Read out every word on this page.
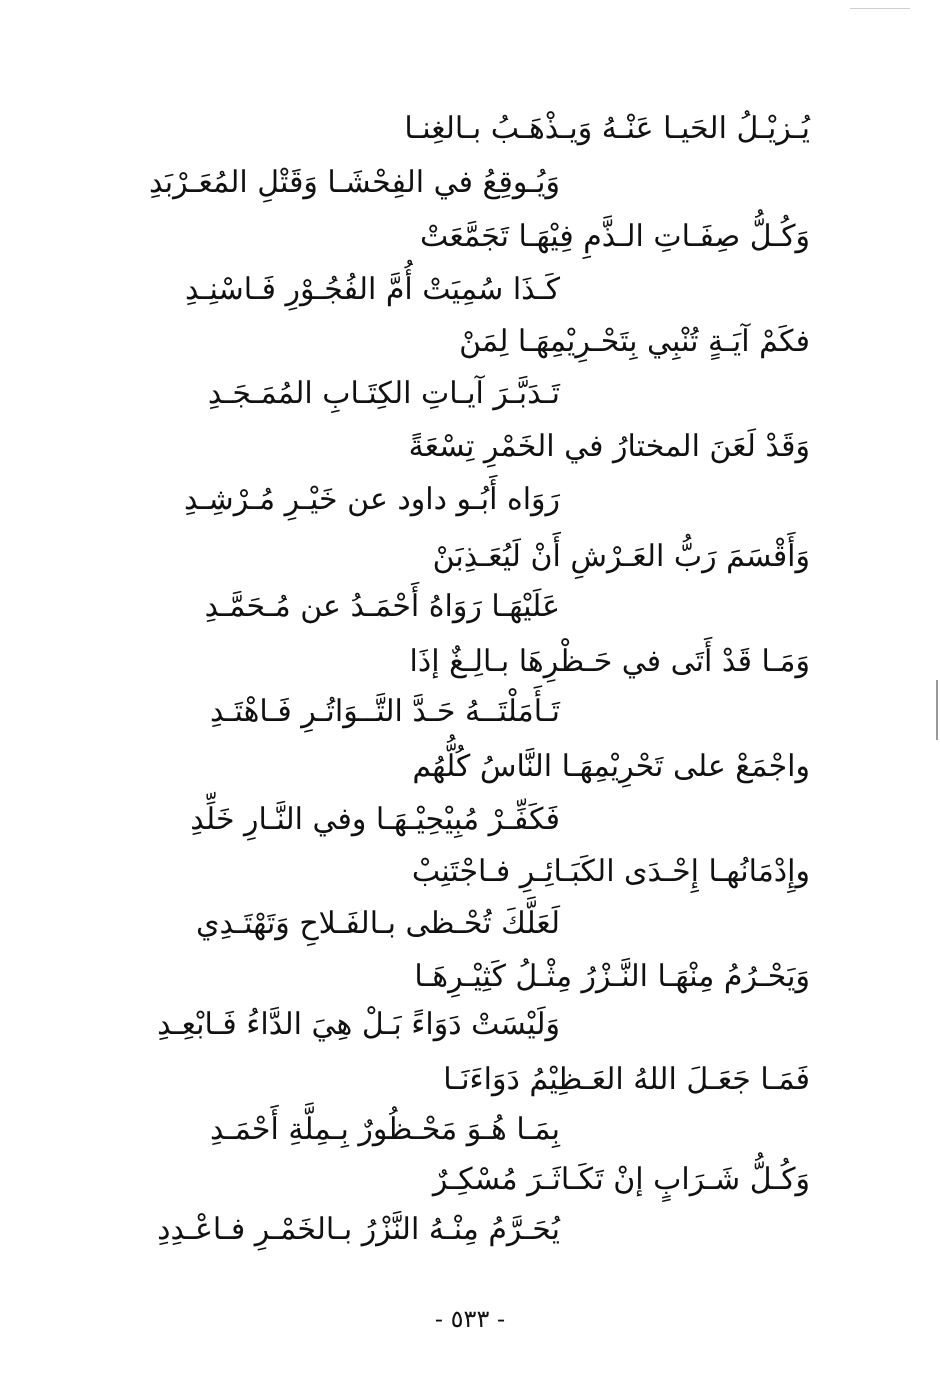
يُـزيْـلُ الحَيـا عَنْـهُ وَيـذْهَـبُ بـالغِنـا
وَيُـوقِعُ في الفِحْشَـا وَقَتْلِ المُعَـرْبَدِ
وَكُـلُّ صِفَـاتِ الـذَّمِ فِيْهَـا تَجَمَّعَتْ
كَـذَا سُمِيَتْ أُمَّ الفُجُـوْرِ فَـاسْنِـدِ
فكَمْ آيَـةٍ تُنْبِي بِتَحْـرِيْمِهَـا لِمَنْ
تَـدَبَّـرَ آيـاتِ الكِتَـابِ المُمَـجَـدِ
وَقَدْ لَعَنَ المختارُ في الخَمْرِ تِسْعَةً
رَوَاه أَبُـو داود عن خَيْـرِ مُـرْشِـدِ
وَأَقْسَمَ رَبُّ العَـرْشِ أَنْ لَيُعَـذِبَنْ
عَلَيْهَـا رَوَاهُ أَحْمَـدُ عن مُـحَمَّـدِ
وَمَـا قَدْ أَتَى في حَـظْرِهَا بـالِـغٌ إذَا
تَـأَمَلْتَــهُ حَـدَّ التَّــوَاتُـرِ فَـاهْتَـدِ
واجْمَعْ على تَحْرِيْمِهَـا النَّاسُ كُلُّهُم
فَكَفِّـرْ مُبِيْحِيْـهَـا وفي النَّـارِ خَلِّدِ
وإِدْمَانُهـا إِحْـدَى الكَبَـائِـرِ فـاجْتَنِبْ
لَعَلَّكَ تُحْـظى بـالفَـلاحِ وَتَهْتَـدِي
وَيَحْـرُمُ مِنْهَـا النَّـزْرُ مِثْـلُ كَثِيْـرِهَـا
وَلَيْسَتْ دَوَاءً بَـلْ هِيَ الدَّاءُ فَـابْعِـدِ
فَمَـا جَعَـلَ اللهُ العَـظِيْمُ دَوَاءَنَـا
بِمَـا هُـوَ مَحْـظُورٌ بِـمِلَّةِ أَحْمَـدِ
وَكُـلُّ شَـرَابٍ إنْ تَكَـاثَـرَ مُسْكِـرٌ
يُحَـرَّمُ مِنْـهُ النَّزْرُ بـالخَمْـرِ فـاعْـدِدِ
- ٥٣٣ -
